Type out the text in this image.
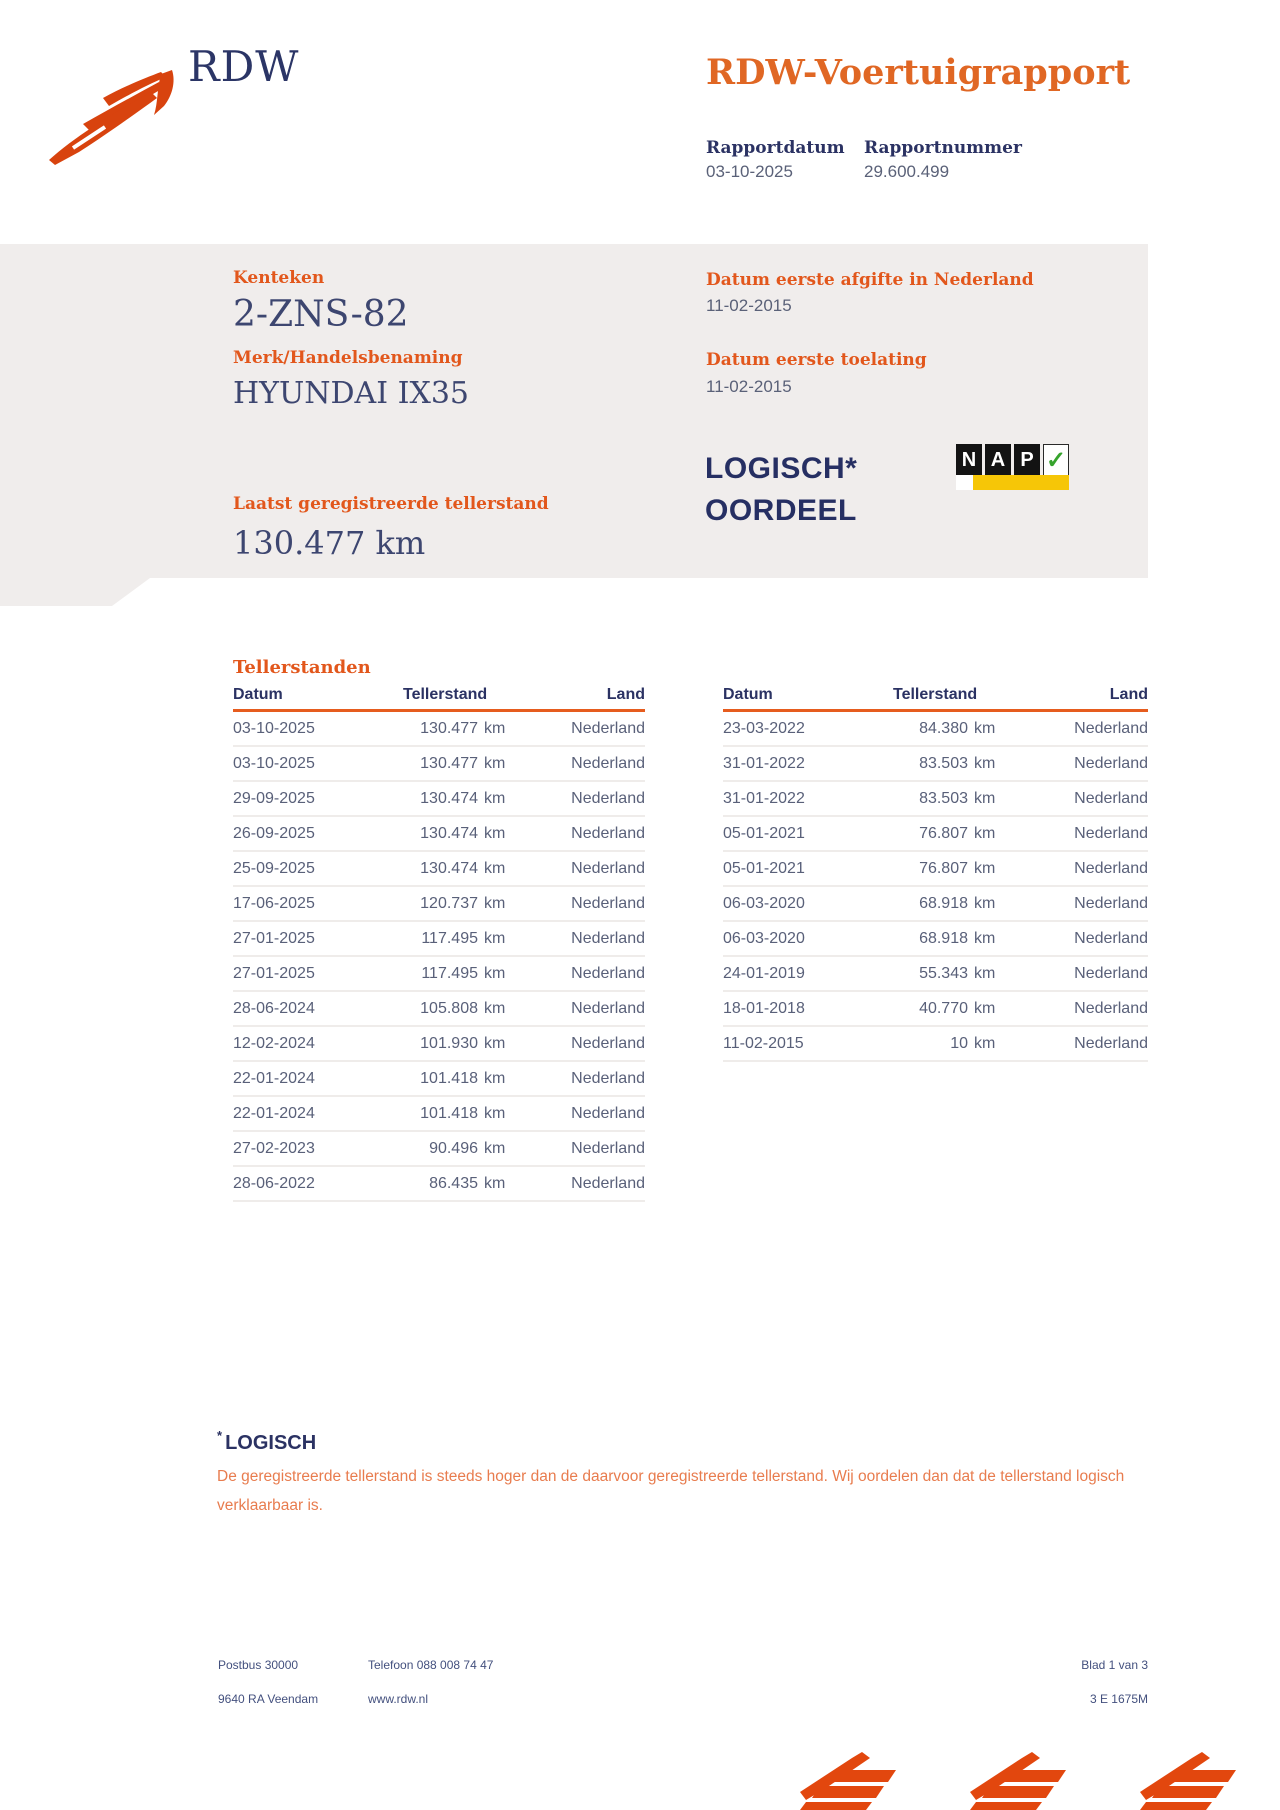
RDW	RDW-Voertuigrapport
Rapportdatum
03-10-2025
Rapportnummer
29.600.499
Kenteken
2-ZNS-82
Merk/Handelsbenaming
HYUNDAI IX35
Datum eerste afgifte in Nederland
11-02-2015
Datum eerste toelating
11-02-2015
LOGISCH*
OORDEEL
N A P ✓
Laatst geregistreerde tellerstand
130.477 km
Tellerstanden
Datum	Tellerstand	Land
03-10-2025	130.477 km	Nederland
03-10-2025	130.477 km	Nederland
29-09-2025	130.474 km	Nederland
26-09-2025	130.474 km	Nederland
25-09-2025	130.474 km	Nederland
17-06-2025	120.737 km	Nederland
27-01-2025	117.495 km	Nederland
27-01-2025	117.495 km	Nederland
28-06-2024	105.808 km	Nederland
12-02-2024	101.930 km	Nederland
22-01-2024	101.418 km	Nederland
22-01-2024	101.418 km	Nederland
27-02-2023	90.496 km	Nederland
28-06-2022	86.435 km	Nederland
Datum	Tellerstand	Land
23-03-2022	84.380 km	Nederland
31-01-2022	83.503 km	Nederland
31-01-2022	83.503 km	Nederland
05-01-2021	76.807 km	Nederland
05-01-2021	76.807 km	Nederland
06-03-2020	68.918 km	Nederland
06-03-2020	68.918 km	Nederland
24-01-2019	55.343 km	Nederland
18-01-2018	40.770 km	Nederland
11-02-2015	10 km	Nederland
* LOGISCH
De geregistreerde tellerstand is steeds hoger dan de daarvoor geregistreerde tellerstand. Wij oordelen dan dat de tellerstand logisch verklaarbaar is.
Postbus 30000
9640 RA Veendam
Telefoon 088 008 74 47
www.rdw.nl
Blad 1 van 3
3 E 1675M
